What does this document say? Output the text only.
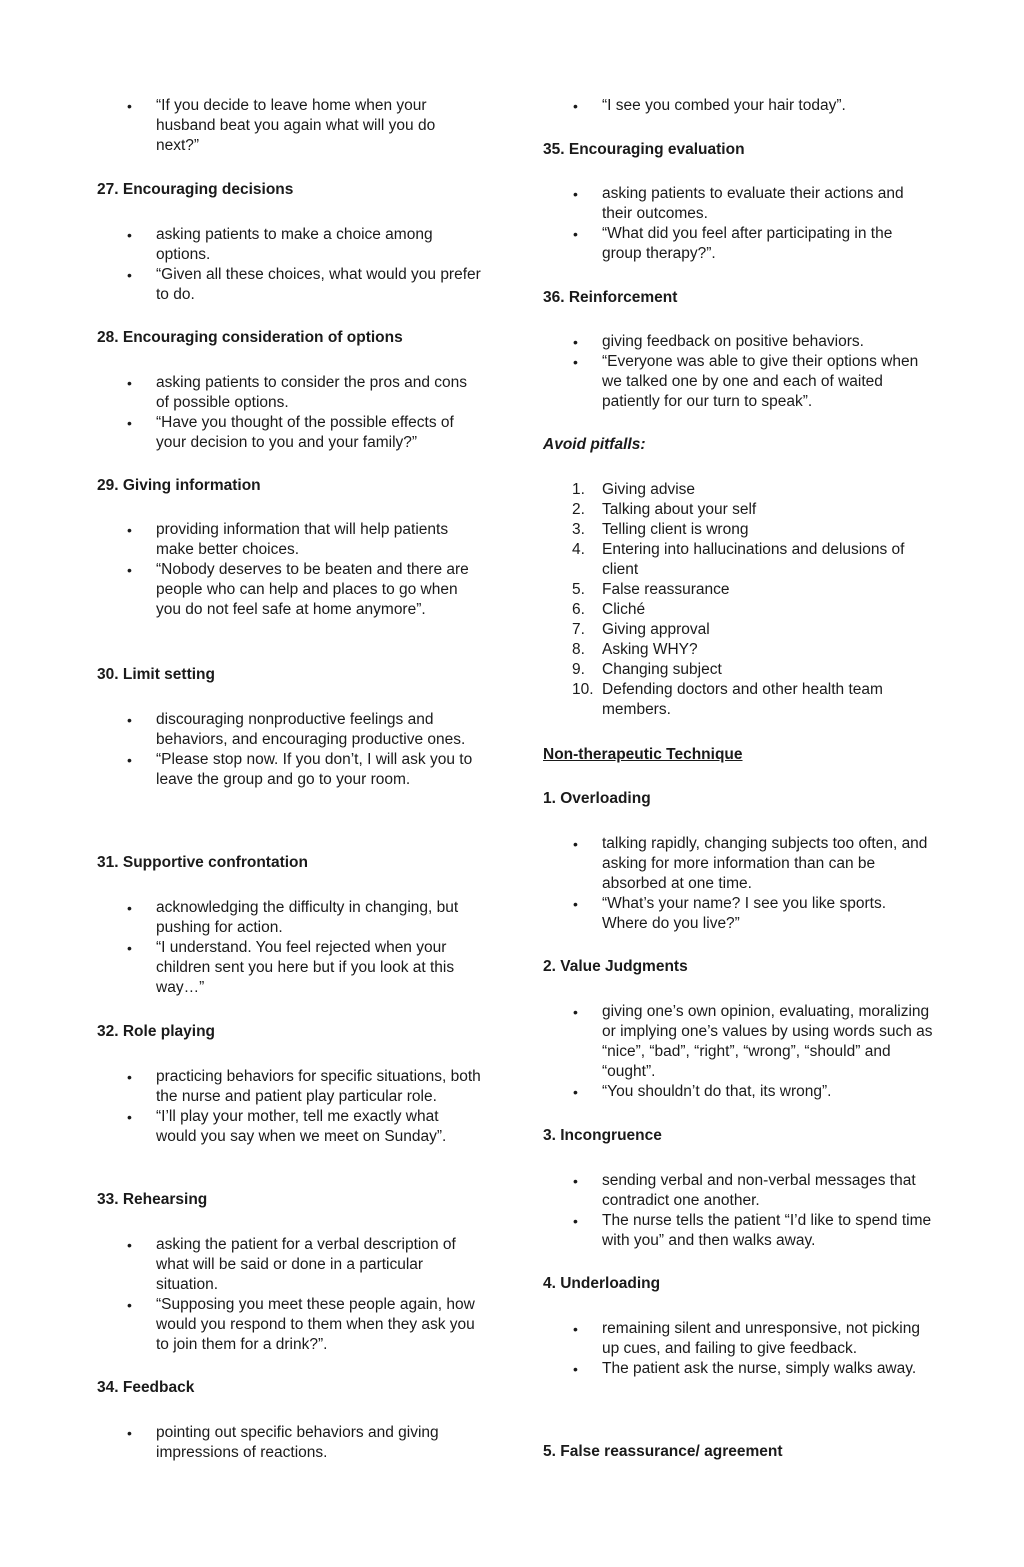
• “If you decide to leave home when your husband beat you again what will you do next?”
27. Encouraging decisions
• asking patients to make a choice among options.
• “Given all these choices, what would you prefer to do.
28. Encouraging consideration of options
• asking patients to consider the pros and cons of possible options.
• “Have you thought of the possible effects of your decision to you and your family?”
29. Giving information
• providing information that will help patients make better choices.
• “Nobody deserves to be beaten and there are people who can help and places to go when you do not feel safe at home anymore”.
30. Limit setting
• discouraging nonproductive feelings and behaviors, and encouraging productive ones.
• “Please stop now. If you don’t, I will ask you to leave the group and go to your room.
31. Supportive confrontation
• acknowledging the difficulty in changing, but pushing for action.
• “I understand. You feel rejected when your children sent you here but if you look at this way…”
32. Role playing
• practicing behaviors for specific situations, both the nurse and patient play particular role.
• “I’ll play your mother, tell me exactly what would you say when we meet on Sunday”.
33. Rehearsing
• asking the patient for a verbal description of what will be said or done in a particular situation.
• “Supposing you meet these people again, how would you respond to them when they ask you to join them for a drink?”.
34. Feedback
• pointing out specific behaviors and giving impressions of reactions.
• “I see you combed your hair today”.
35. Encouraging evaluation
• asking patients to evaluate their actions and their outcomes.
• “What did you feel after participating in the group therapy?”.
36. Reinforcement
• giving feedback on positive behaviors.
• “Everyone was able to give their options when we talked one by one and each of waited patiently for our turn to speak”.
Avoid pitfalls:
1. Giving advise
2. Talking about your self
3. Telling client is wrong
4. Entering into hallucinations and delusions of client
5. False reassurance
6. Cliché
7. Giving approval
8. Asking WHY?
9. Changing subject
10. Defending doctors and other health team members.
Non-therapeutic Technique
1. Overloading
• talking rapidly, changing subjects too often, and asking for more information than can be absorbed at one time.
• “What’s your name? I see you like sports. Where do you live?”
2. Value Judgments
• giving one’s own opinion, evaluating, moralizing or implying one’s values by using words such as “nice”, “bad”, “right”, “wrong”, “should” and “ought”.
• “You shouldn’t do that, its wrong”.
3. Incongruence
• sending verbal and non-verbal messages that contradict one another.
• The nurse tells the patient “I’d like to spend time with you” and then walks away.
4. Underloading
• remaining silent and unresponsive, not picking up cues, and failing to give feedback.
• The patient ask the nurse, simply walks away.
5. False reassurance/ agreement
